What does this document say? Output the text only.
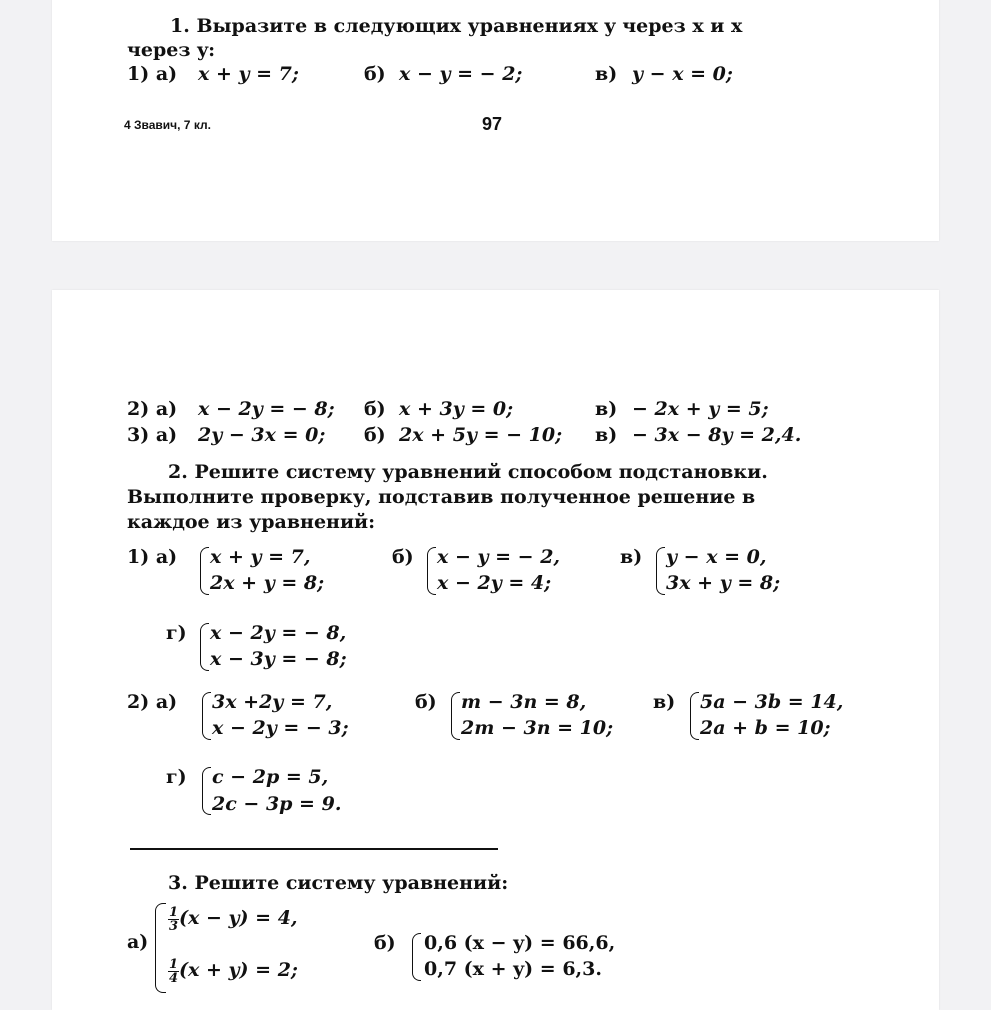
1. Выразите в следующих уравнениях y через x и x
через y:
1) а) x + y = 7;	б) x − y = − 2;	в) y − x = 0;
4 Звавич, 7 кл.	97
2) а) x − 2y = − 8; б) x + 3y = 0;	в) − 2x + y = 5;
3) а) 2y − 3x = 0; б) 2x + 5y = − 10; в) − 3x − 8y = 2,4.
2. Решите систему уравнений способом подстановки.
Выполните проверку, подставив полученное решение в
каждое из уравнений:
1) а) x + y = 7,
2x + y = 8;
б) x − y = − 2,
x − 2y = 4;
в) y − x = 0,
3x + y = 8;
г) x − 2y = − 8,
x − 3y = − 8;
2) а) 3x +2y = 7,
x − 2y = − 3;
б) m − 3n = 8,
2m − 3n = 10;
в) 5a − 3b = 14,
2a + b = 10;
г) c − 2p = 5,
2c − 3p = 9.
3. Решите систему уравнений:
а)
$\frac{1}{3} (x - y) = 4$,
$\frac{1}{4} (x + y) = 2$;
б) 0,6 (x − y) = 66,6,
0,7 (x + y) = 6,3.
